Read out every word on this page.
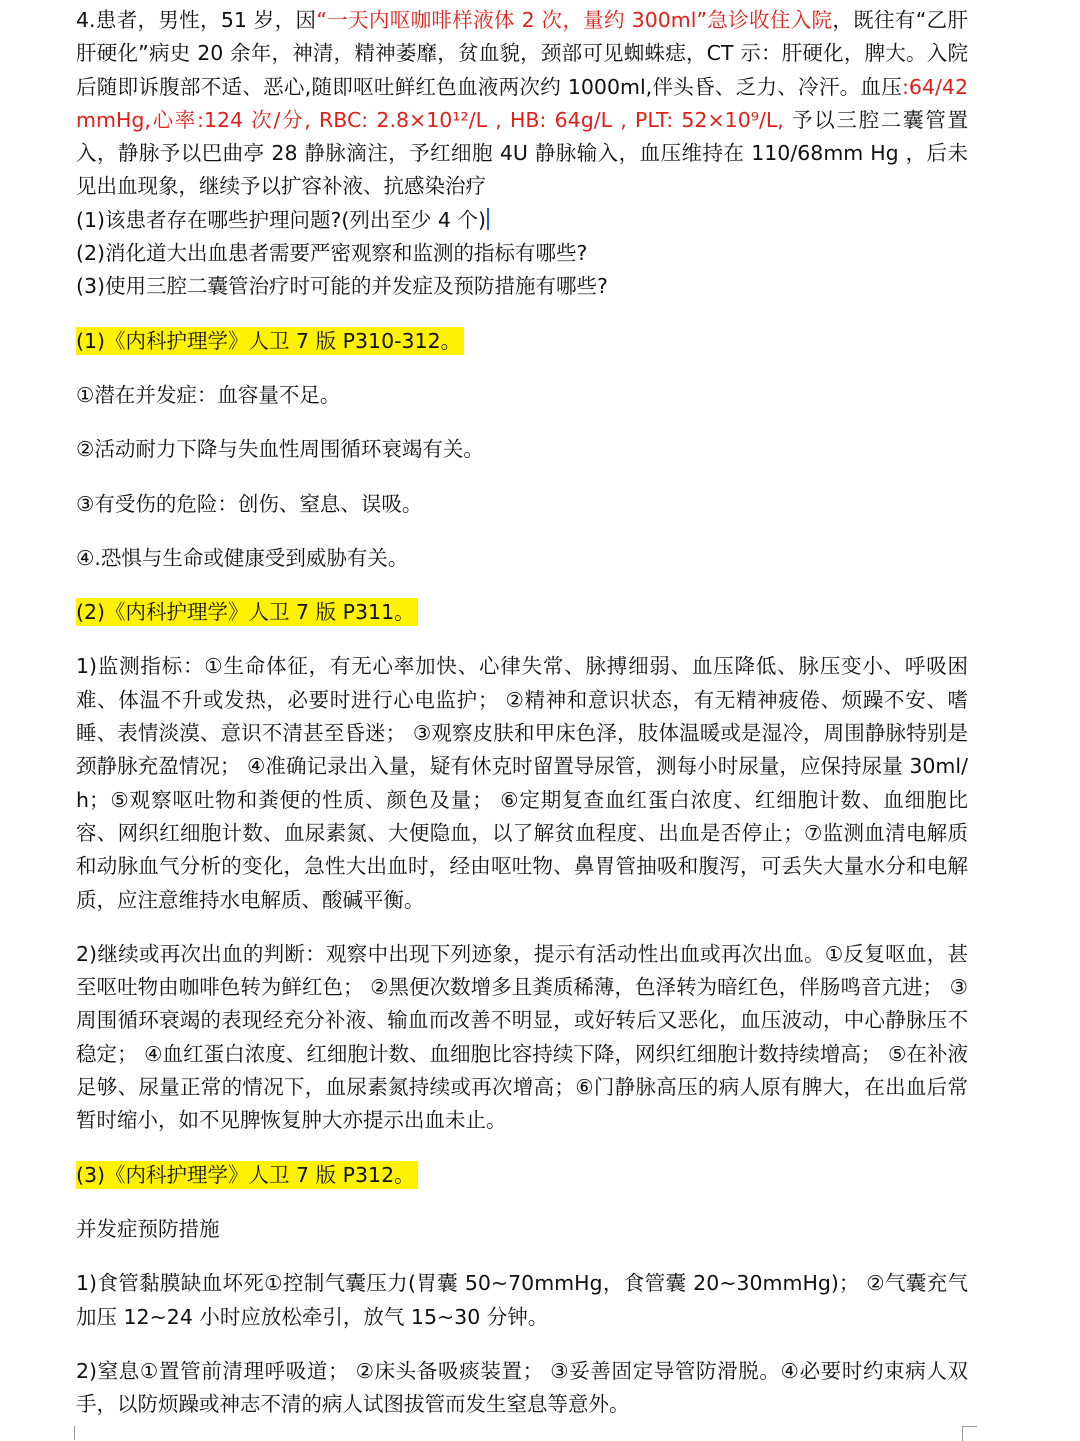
4.患者，男性，51 岁，因“一天内呕咖啡样液体 2 次，量约 300ml”急诊收住入院，既往有“乙肝肝硬化”病史 20 余年，神清，精神萎靡，贫血貌，颈部可见蜘蛛痣，CT 示：肝硬化，脾大。入院后随即诉腹部不适、恶心,随即呕吐鲜红色血液两次约 1000ml,伴头昏、乏力、冷汗。血压:64/42mmHg,心率:124 次/分, RBC: 2.8×10¹²/L , HB: 64g/L , PLT: 52×10⁹/L, 予以三腔二囊管置入，静脉予以巴曲亭 28 静脉滴注，予红细胞 4U 静脉输入，血压维持在 110/68mm Hg ，后未见出血现象，继续予以扩容补液、抗感染治疗

(1)该患者存在哪些护理问题?(列出至少 4 个)

(2)消化道大出血患者需要严密观察和监测的指标有哪些?

(3)使用三腔二囊管治疗时可能的并发症及预防措施有哪些?

(1)《内科护理学》人卫 7 版 P310-312。

①潜在并发症：血容量不足。

②活动耐力下降与失血性周围循环衰竭有关。

③有受伤的危险：创伤、窒息、误吸。

④.恐惧与生命或健康受到威胁有关。

(2)《内科护理学》人卫 7 版 P311。

1)监测指标：①生命体征，有无心率加快、心律失常、脉搏细弱、血压降低、脉压变小、呼吸困难、体温不升或发热，必要时进行心电监护； ②精神和意识状态，有无精神疲倦、烦躁不安、嗜睡、表情淡漠、意识不清甚至昏迷； ③观察皮肤和甲床色泽，肢体温暖或是湿冷，周围静脉特别是颈静脉充盈情况； ④准确记录出入量，疑有休克时留置导尿管，测每小时尿量，应保持尿量 30ml/h；⑤观察呕吐物和粪便的性质、颜色及量； ⑥定期复查血红蛋白浓度、红细胞计数、血细胞比容、网织红细胞计数、血尿素氮、大便隐血，以了解贫血程度、出血是否停止；⑦监测血清电解质和动脉血气分析的变化，急性大出血时，经由呕吐物、鼻胃管抽吸和腹泻，可丢失大量水分和电解质，应注意维持水电解质、酸碱平衡。

2)继续或再次出血的判断：观察中出现下列迹象，提示有活动性出血或再次出血。①反复呕血，甚至呕吐物由咖啡色转为鲜红色； ②黑便次数增多且粪质稀薄，色泽转为暗红色，伴肠鸣音亢进； ③周围循环衰竭的表现经充分补液、输血而改善不明显，或好转后又恶化，血压波动，中心静脉压不稳定； ④血红蛋白浓度、红细胞计数、血细胞比容持续下降，网织红细胞计数持续增高； ⑤在补液足够、尿量正常的情况下，血尿素氮持续或再次增高；⑥门静脉高压的病人原有脾大，在出血后常暂时缩小，如不见脾恢复肿大亦提示出血未止。

(3)《内科护理学》人卫 7 版 P312。

并发症预防措施

1)食管黏膜缺血坏死①控制气囊压力(胃囊 50~70mmHg，食管囊 20~30mmHg)； ②气囊充气加压 12~24 小时应放松牵引，放气 15~30 分钟。

2)窒息①置管前清理呼吸道； ②床头备吸痰装置； ③妥善固定导管防滑脱。④必要时约束病人双手，以防烦躁或神志不清的病人试图拔管而发生窒息等意外。
